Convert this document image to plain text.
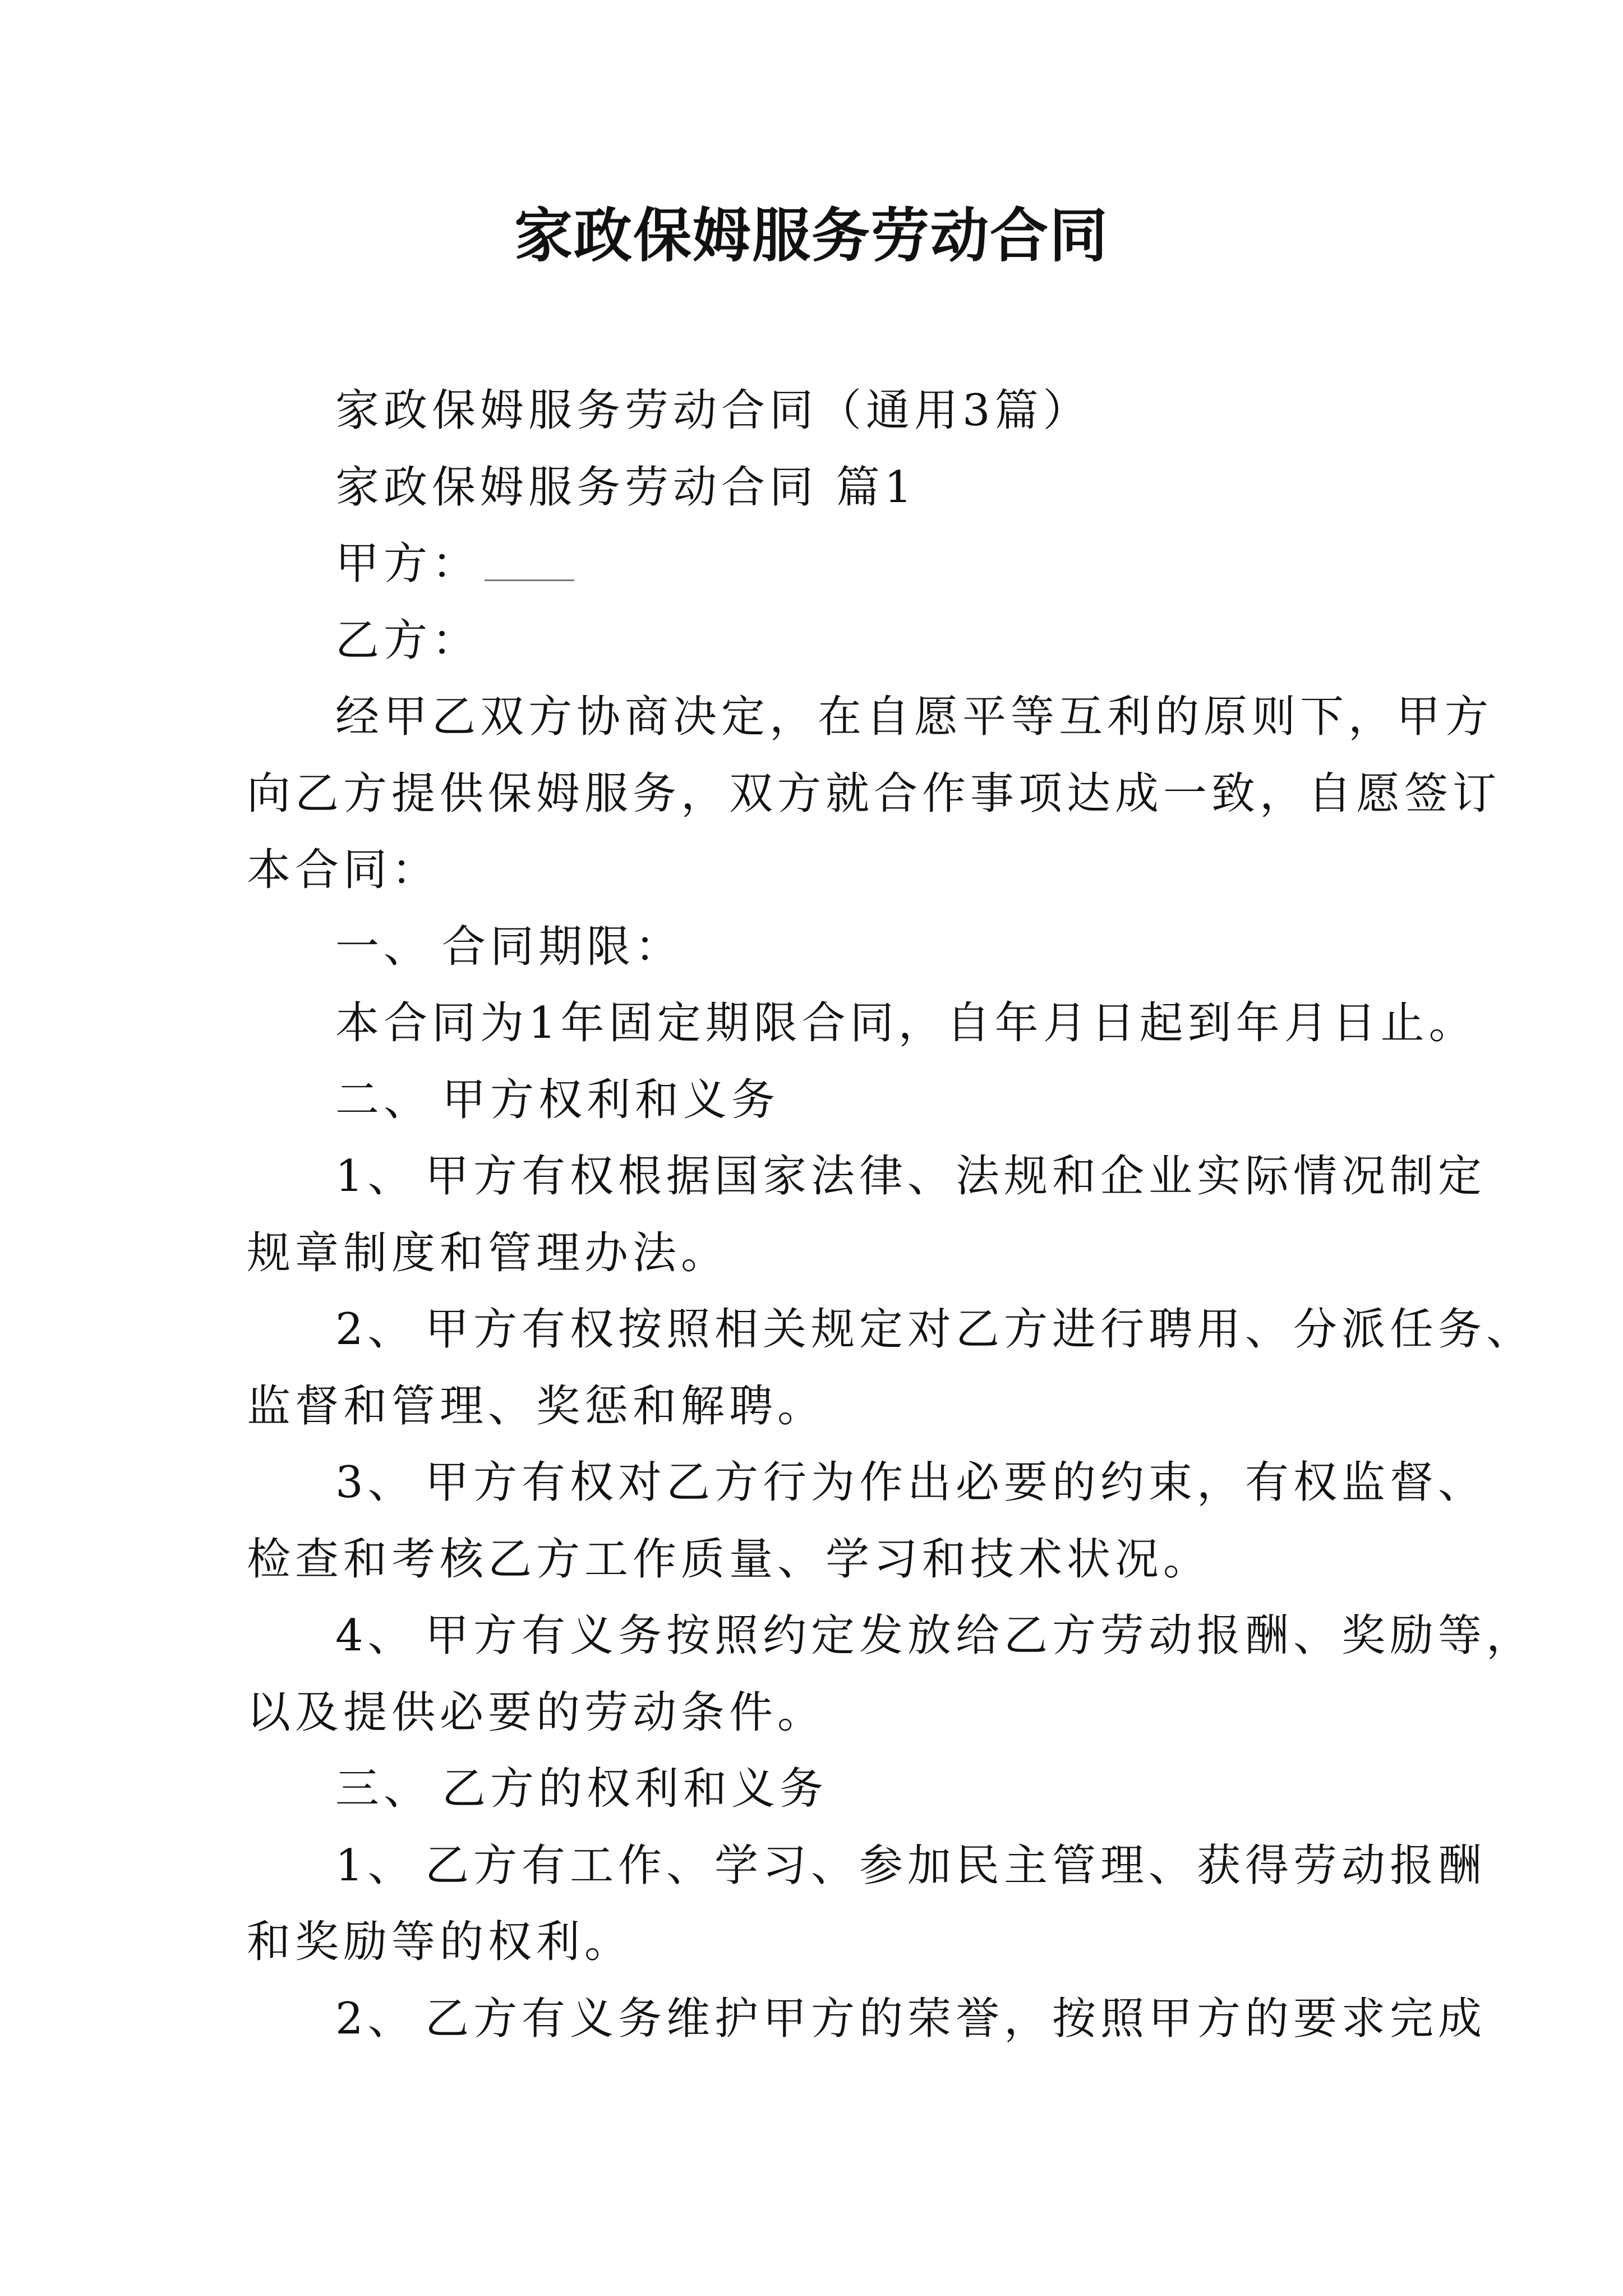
家政保姆服务劳动合同
家政保姆服务劳动合同（通用3篇）
家政保姆服务劳动合同 篇1
甲方：
乙方：
经甲乙双方协商决定，在自愿平等互利的原则下，甲方
向乙方提供保姆服务，双方就合作事项达成一致，自愿签订
本合同：
一、 合同期限：
本合同为1年固定期限合同，自年月日起到年月日止。
二、 甲方权利和义务
1、 甲方有权根据国家法律、法规和企业实际情况制定
规章制度和管理办法。
2、 甲方有权按照相关规定对乙方进行聘用、分派任务、
监督和管理、奖惩和解聘。
3、 甲方有权对乙方行为作出必要的约束，有权监督、
检查和考核乙方工作质量、学习和技术状况。
4、 甲方有义务按照约定发放给乙方劳动报酬、奖励等，
以及提供必要的劳动条件。
三、 乙方的权利和义务
1、 乙方有工作、学习、参加民主管理、获得劳动报酬
和奖励等的权利。
2、 乙方有义务维护甲方的荣誉，按照甲方的要求完成
